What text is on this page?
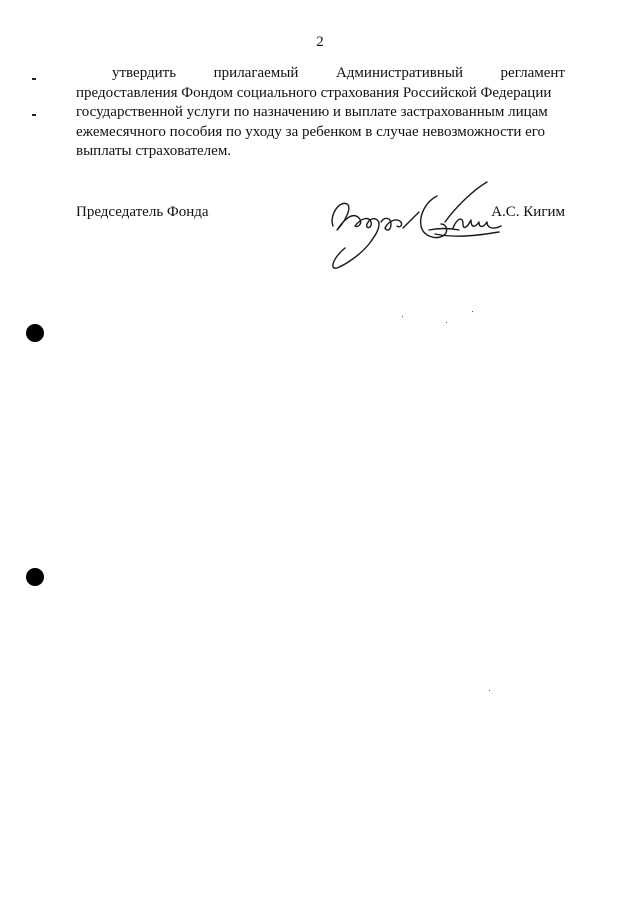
2
утвердить	прилагаемый	Административный	регламент
предоставления Фондом социального страхования Российской Федерации
государственной услуги по назначению и выплате застрахованным лицам
ежемесячного пособия по уходу за ребенком в случае невозможности его
выплаты страхователем.
Председатель Фонда	А.С. Кигим
